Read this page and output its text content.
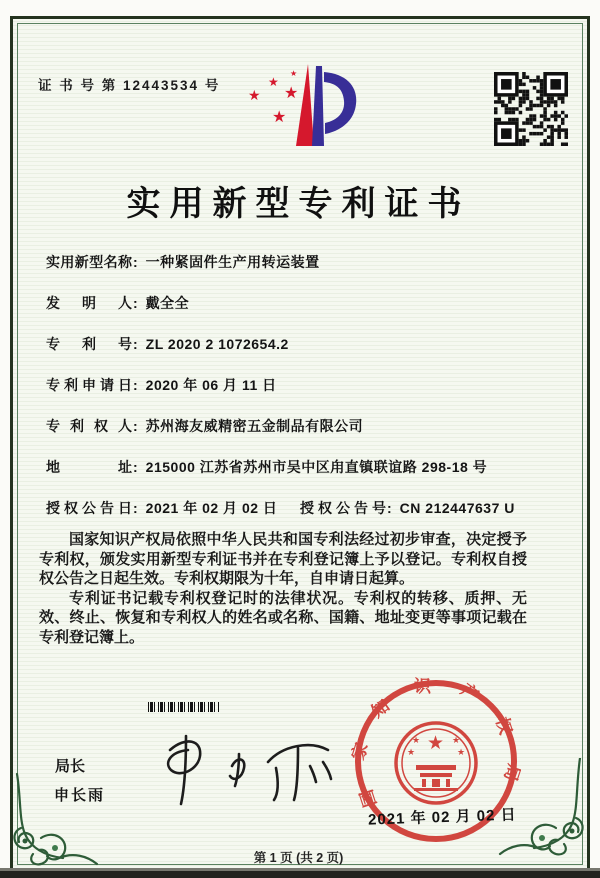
证 书 号 第 12443534 号
★
★
★
★
★
实用新型专利证书
实用新型名称: 一种紧固件生产用转运装置
发明人: 戴全全
专利号: ZL 2020 2 1072654.2
专利申请日: 2020 年 06 月 11 日
专利权人: 苏州海友威精密五金制品有限公司
地址: 215000 江苏省苏州市吴中区甪直镇联谊路 298-18 号
授权公告日: 2021 年 02 月 02 日 授权公告号: CN 212447637 U

国家知识产权局依照中华人民共和国专利法经过初步审查，决定授予专利权，颁发实用新型专利证书并在专利登记簿上予以登记。专利权自授权公告之日起生效。专利权期限为十年，自申请日起算。

专利证书记载专利权登记时的法律状况。专利权的转移、质押、无效、终止、恢复和专利权人的姓名或名称、国籍、地址变更等事项记载在专利登记簿上。

局长
申长雨	国家知识产权局
★
★	★
★	★
2021 年 02 月 02 日
第 1 页 (共 2 页)
